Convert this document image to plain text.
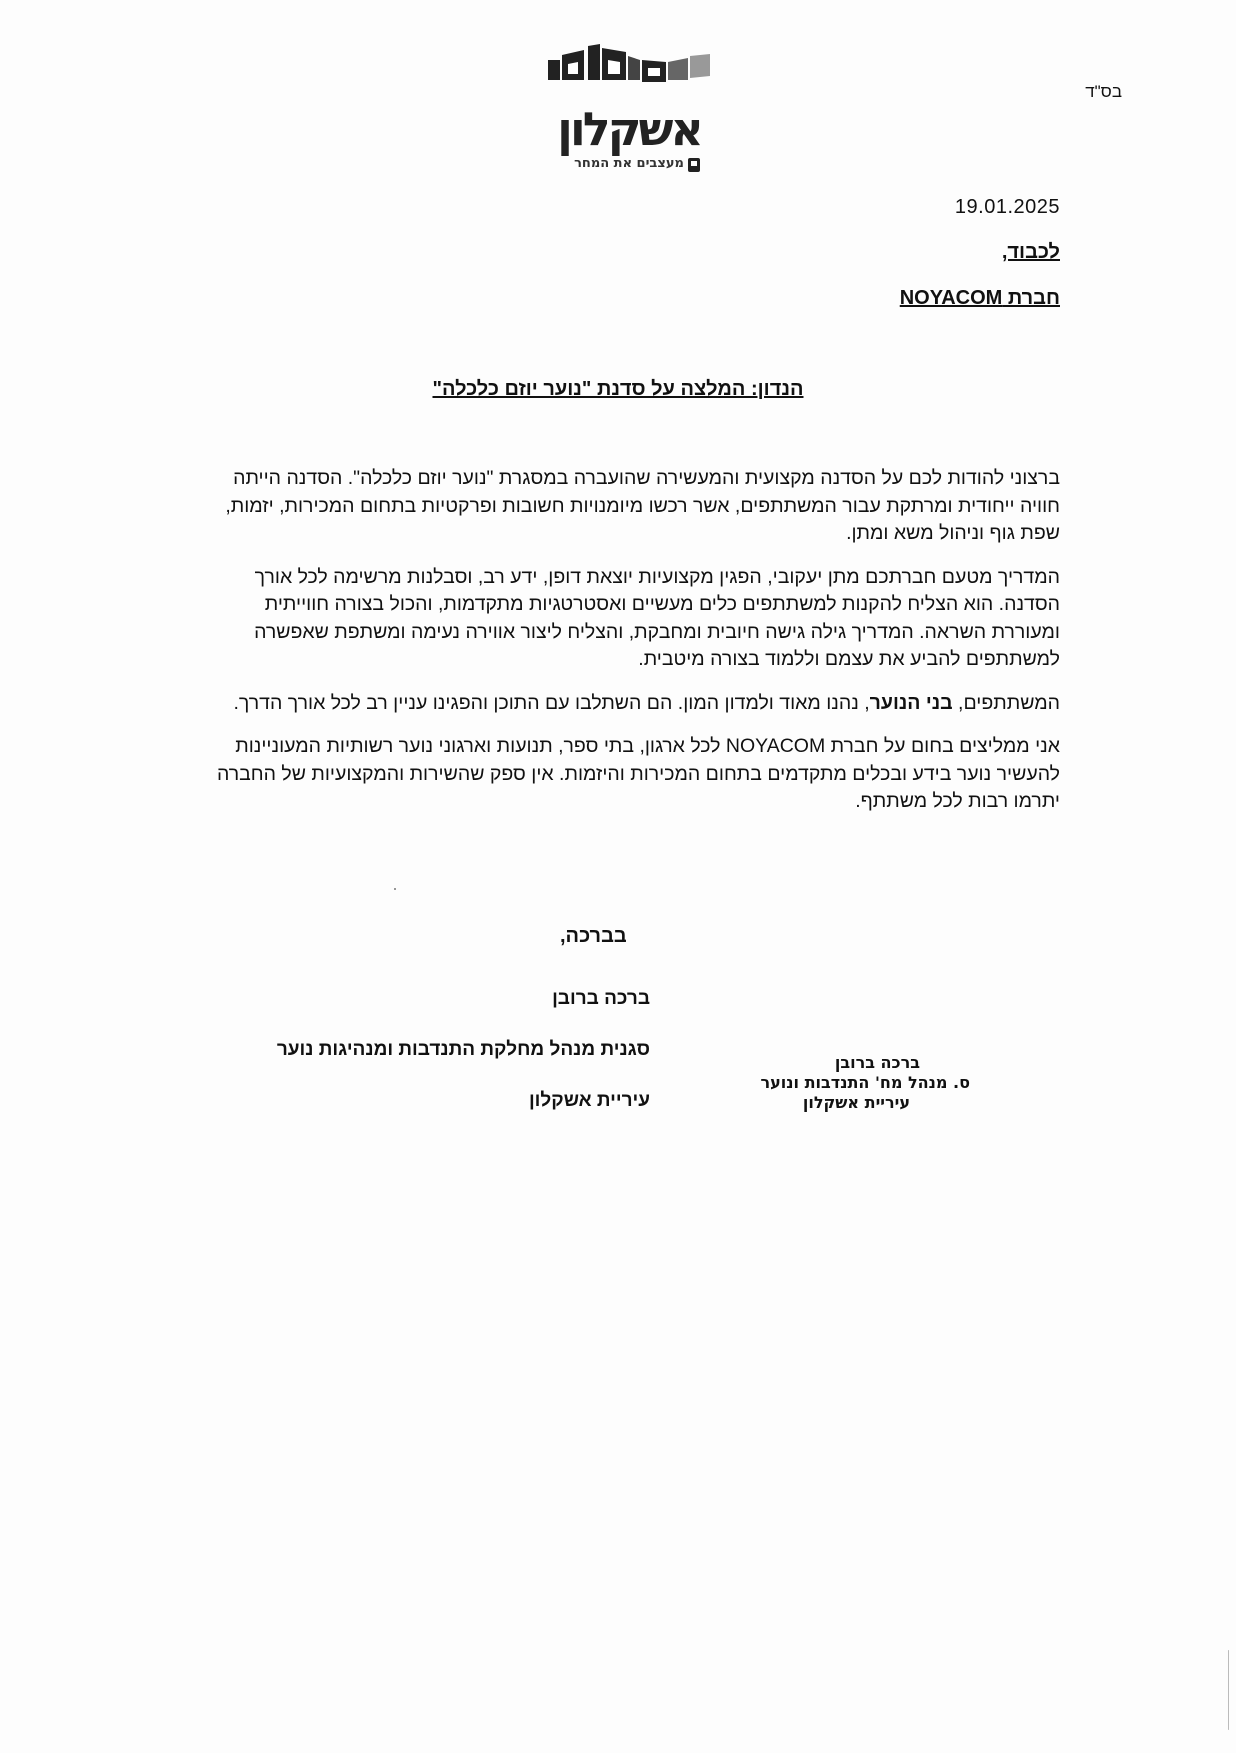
אשקלון
מעצבים את המחר
בס"ד
19.01.2025
לכבוד,
חברת NOYACOM
הנדון: המלצה על סדנת "נוער יוזם כלכלה"

ברצוני להודות לכם על הסדנה מקצועית והמעשירה שהועברה במסגרת "נוער יוזם כלכלה". הסדנה הייתה חוויה ייחודית ומרתקת עבור המשתתפים, אשר רכשו מיומנויות חשובות ופרקטיות בתחום המכירות, יזמות, שפת גוף וניהול משא ומתן.

המדריך מטעם חברתכם מתן יעקובי, הפגין מקצועיות יוצאת דופן, ידע רב, וסבלנות מרשימה לכל אורך הסדנה. הוא הצליח להקנות למשתתפים כלים מעשיים ואסטרטגיות מתקדמות, והכול בצורה חווייתית ומעוררת השראה. המדריך גילה גישה חיובית ומחבקת, והצליח ליצור אווירה נעימה ומשתפת שאפשרה למשתתפים להביע את עצמם וללמוד בצורה מיטבית.

המשתתפים, בני הנוער, נהנו מאוד ולמדון המון. הם השתלבו עם התוכן והפגינו עניין רב לכל אורך הדרך.

אני ממליצים בחום על חברת NOYACOM לכל ארגון, בתי ספר, תנועות וארגוני נוער רשותיות המעוניינות להעשיר נוער בידע ובכלים מתקדמים בתחום המכירות והיזמות. אין ספק שהשירות והמקצועיות של החברה יתרמו רבות לכל משתתף.

בברכה,
ברכה ברובן
סגנית מנהל מחלקת התנדבות ומנהיגות נוער
עיריית אשקלון
ברכה ברובן
ס. מנהל מח' התנדבות ונוער
עיריית אשקלון
